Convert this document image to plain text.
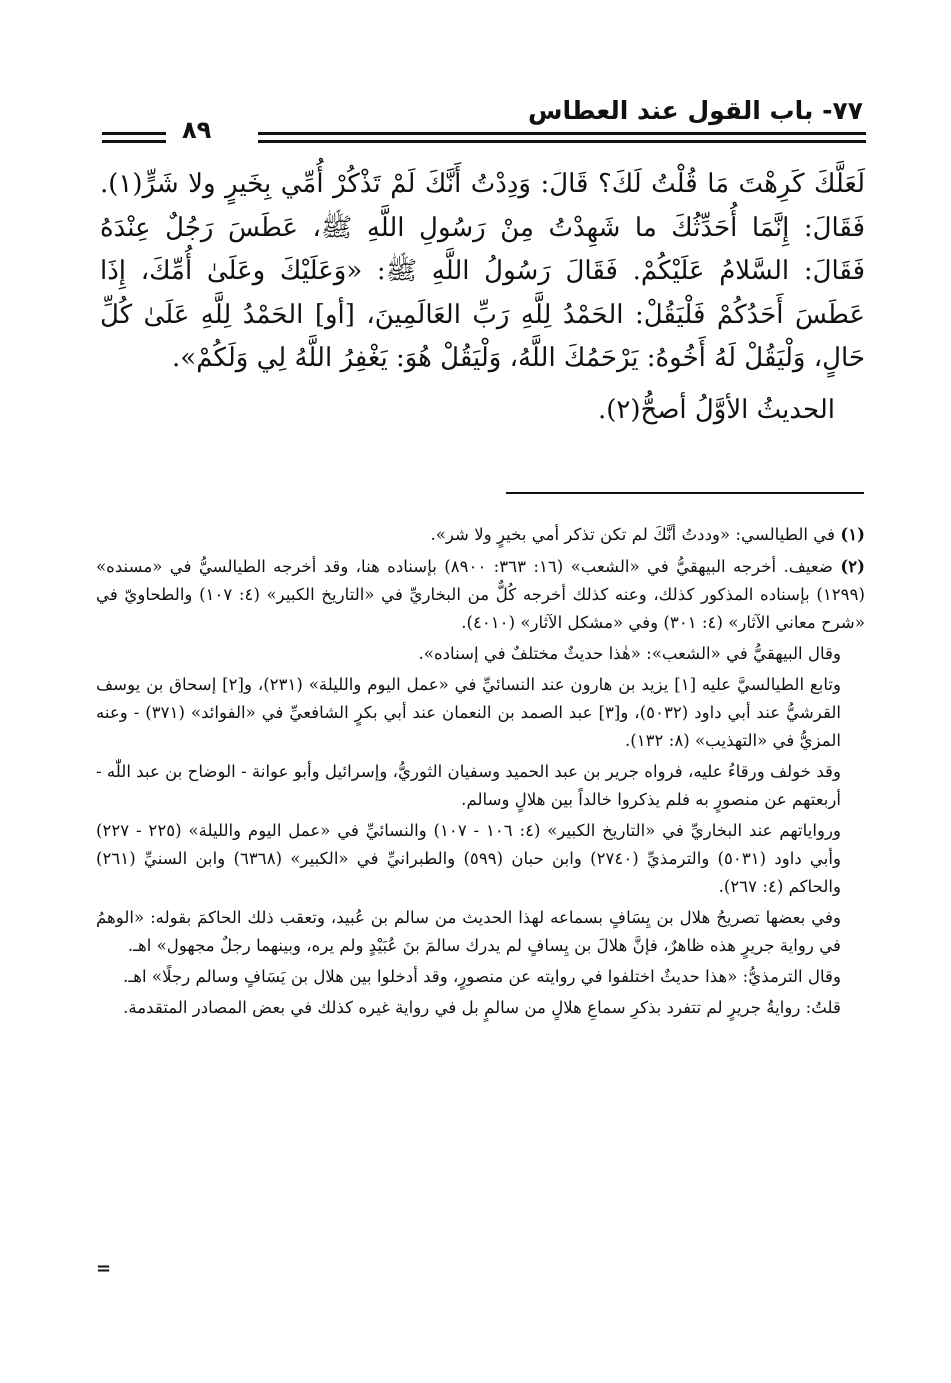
٧٧- باب القول عند العطاس
٨٩

لَعَلَّكَ كَرِهْتَ مَا قُلْتُ لَكَ؟ قَالَ: وَدِدْتُ أَنَّكَ لَمْ تَذْكُرْ أُمِّي بِخَيرٍ ولا شَرٍّ(١). فَقَالَ: إِنَّمَا أُحَدِّثُكَ ما شَهِدْتُ مِنْ رَسُولِ اللَّهِ ﷺ، عَطَسَ رَجُلٌ عِنْدَهُ فَقَالَ: السَّلامُ عَلَيْكُمْ. فَقَالَ رَسُولُ اللَّهِ ﷺ: «وَعَلَيْكَ وعَلَىٰ أُمِّكَ، إِذَا عَطَسَ أَحَدُكُمْ فَلْيَقُلْ: الحَمْدُ لِلَّهِ رَبِّ العَالَمِينَ، [أو] الحَمْدُ لِلَّهِ عَلَىٰ كُلِّ حَالٍ، وَلْيَقُلْ لَهُ أَخُوهُ: يَرْحَمُكَ اللَّهُ، وَلْيَقُلْ هُوَ: يَغْفِرُ اللَّهُ لِي وَلَكُمْ».

الحديثُ الأوَّلُ أصحُّ(٢).

(١) في الطيالسي: «وددتُ أنَّكَ لم تكن تذكر أمي بخيرٍ ولا شر».

(٢) ضعيف. أخرجه البيهقيُّ في «الشعب» (١٦: ٣٦٣: ٨٩٠٠) بإسناده هنا، وقد أخرجه الطيالسيُّ في «مسنده» (١٢٩٩) بإسناده المذكور كذلك، وعنه كذلك أخرجه كُلٌّ من البخاريِّ في «التاريخ الكبير» (٤: ١٠٧) والطحاويّ في «شرح معاني الآثار» (٤: ٣٠١) وفي «مشكل الآثار» (٤٠١٠).

وقال البيهقيُّ في «الشعب»: «هٰذا حديثٌ مختلفٌ في إسناده».

وتابع الطيالسيَّ عليه [١] يزيد بن هارون عند النسائيِّ في «عمل اليوم والليلة» (٢٣١)، و[٢] إسحاق بن يوسف القرشيُّ عند أبي داود (٥٠٣٢)، و[٣] عبد الصمد بن النعمان عند أبي بكرٍ الشافعيِّ في «الفوائد» (٣٧١) - وعنه المزيُّ في «التهذيب» (٨: ١٣٢).

وقد خولف ورقاءُ عليه، فرواه جرير بن عبد الحميد وسفيان الثوريُّ، وإسرائيل وأبو عوانة - الوضاح بن عبد اللّٰه - أربعتهم عن منصورٍ به فلم يذكروا خالداً بين هلالٍ وسالم.

ورواياتهم عند البخاريِّ في «التاريخ الكبير» (٤: ١٠٦ - ١٠٧) والنسائيِّ في «عمل اليوم والليلة» (٢٢٥ - ٢٢٧) وأبي داود (٥٠٣١) والترمذيِّ (٢٧٤٠) وابن حبان (٥٩٩) والطبرانيِّ في «الكبير» (٦٣٦٨) وابن السنيِّ (٢٦١) والحاكم (٤: ٢٦٧).

وفي بعضها تصريحُ هلال بن يِسَافٍ بسماعه لهذا الحديث من سالم بن عُبيد، وتعقب ذلك الحاكمَ بقوله: «الوهمُ في رواية جريرٍ هذه ظاهرٌ، فإنَّ هلالَ بن يِسافٍ لم يدرك سالمَ بنَ عُبَيْدٍ ولم يره، وبينهما رجلٌ مجهول» اهـ.

وقال الترمذيُّ: «هذا حديثٌ اختلفوا في روايته عن منصورٍ، وقد أدخلوا بين هلال بن يَسَافٍ وسالم رجلًا» اهـ.

قلتُ: روايةُ جريرٍ لم تتفرد بذكرِ سماعِ هلالٍ من سالمٍ بل في رواية غيره كذلك في بعض المصادر المتقدمة.

=
